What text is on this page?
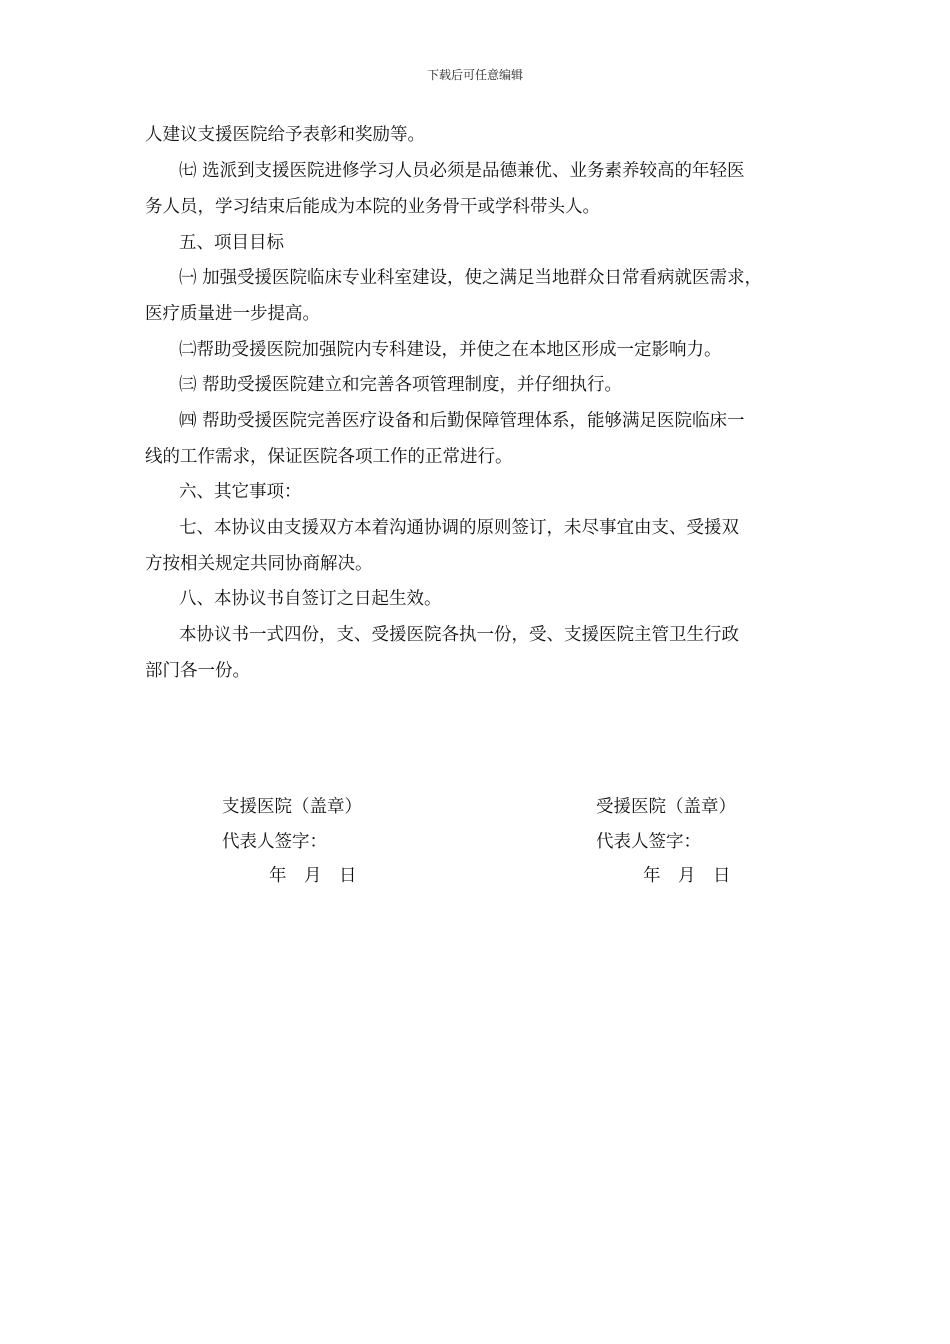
下载后可任意编辑
人建议支援医院给予表彰和奖励等。
㈦ 选派到支援医院进修学习人员必须是品德兼优、业务素养较高的年轻医
务人员，学习结束后能成为本院的业务骨干或学科带头人。
五、项目目标
㈠ 加强受援医院临床专业科室建设，使之满足当地群众日常看病就医需求，
医疗质量进一步提高。
㈡帮助受援医院加强院内专科建设，并使之在本地区形成一定影响力。
㈢ 帮助受援医院建立和完善各项管理制度，并仔细执行。
㈣ 帮助受援医院完善医疗设备和后勤保障管理体系，能够满足医院临床一
线的工作需求，保证医院各项工作的正常进行。
六、其它事项：
七、本协议由支援双方本着沟通协调的原则签订，未尽事宜由支、受援双
方按相关规定共同协商解决。
八、本协议书自签订之日起生效。
本协议书一式四份，支、受援医院各执一份，受、支援医院主管卫生行政
部门各一份。
支援医院（盖章）
代表人签字：
年　月　日
受援医院（盖章）
代表人签字：
年　月　日
